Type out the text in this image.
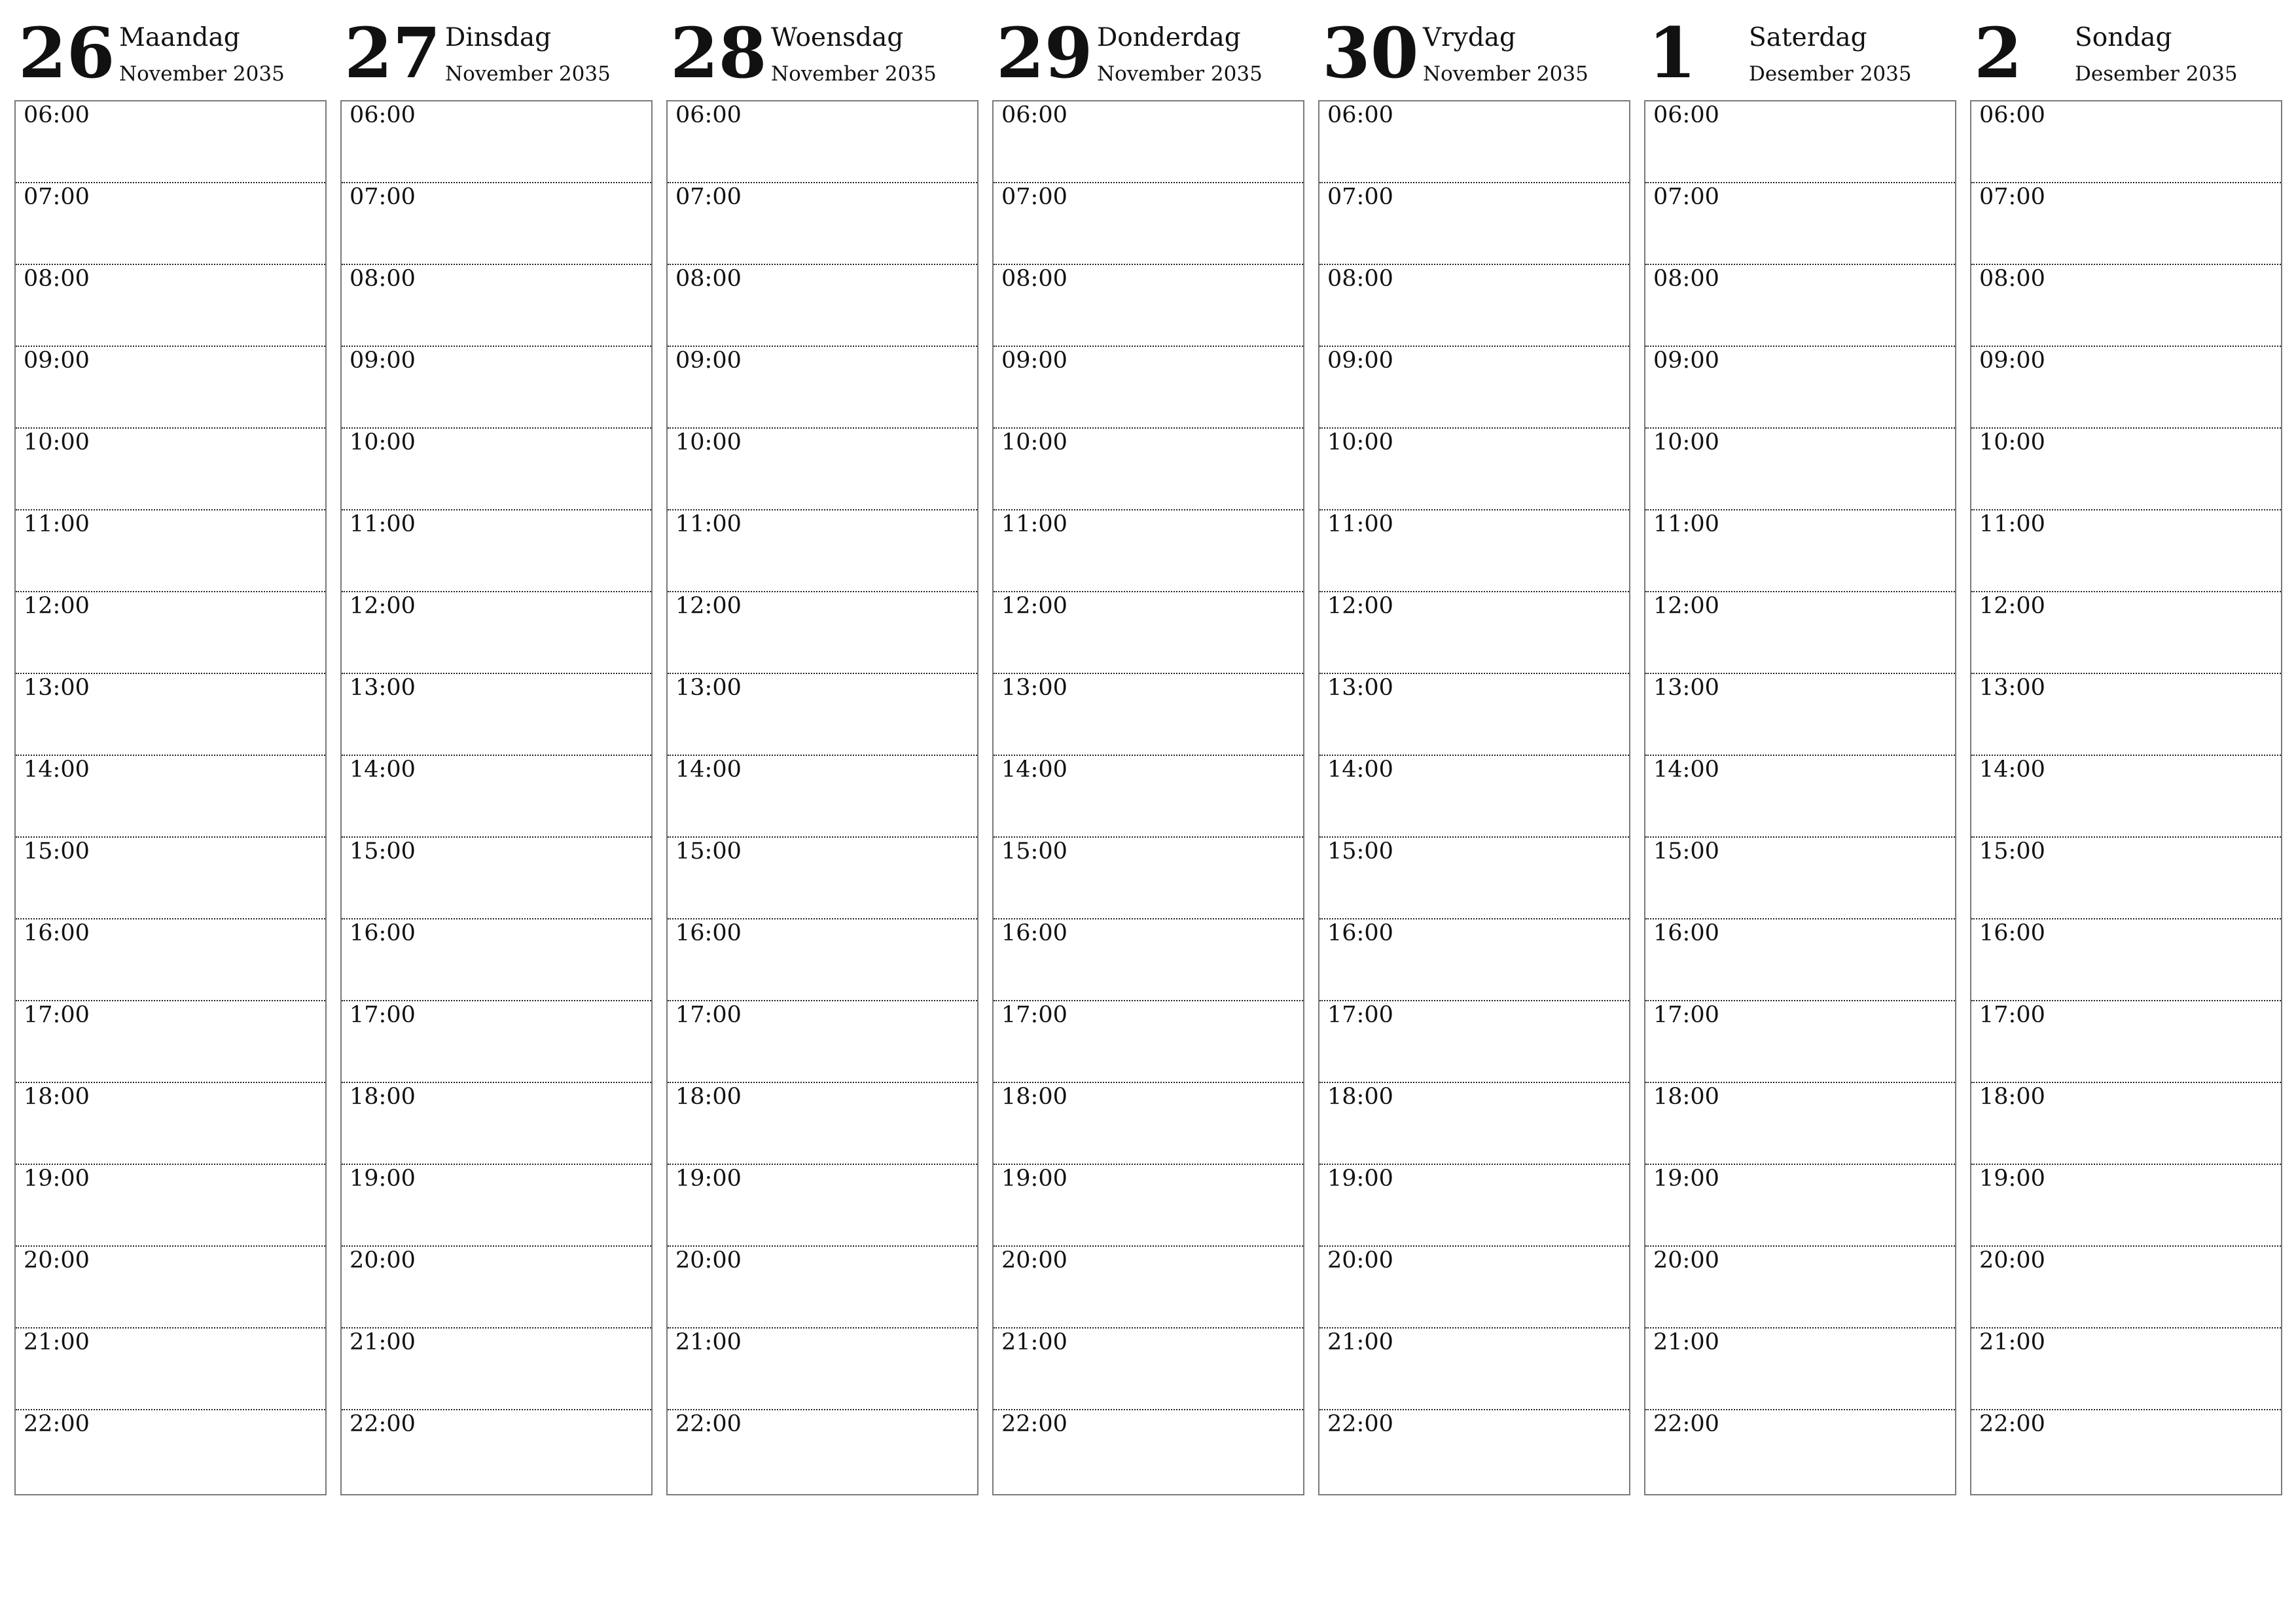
26 Maandag
November 2035
06:00
07:00
08:00
09:00
10:00
11:00
12:00
13:00
14:00
15:00
16:00
17:00
18:00
19:00
20:00
21:00
22:00
27 Dinsdag
November 2035
06:00
07:00
08:00
09:00
10:00
11:00
12:00
13:00
14:00
15:00
16:00
17:00
18:00
19:00
20:00
21:00
22:00
28 Woensdag
November 2035
06:00
07:00
08:00
09:00
10:00
11:00
12:00
13:00
14:00
15:00
16:00
17:00
18:00
19:00
20:00
21:00
22:00
29 Donderdag
November 2035
06:00
07:00
08:00
09:00
10:00
11:00
12:00
13:00
14:00
15:00
16:00
17:00
18:00
19:00
20:00
21:00
22:00
30 Vrydag
November 2035
06:00
07:00
08:00
09:00
10:00
11:00
12:00
13:00
14:00
15:00
16:00
17:00
18:00
19:00
20:00
21:00
22:00
1 Saterdag
Desember 2035
06:00
07:00
08:00
09:00
10:00
11:00
12:00
13:00
14:00
15:00
16:00
17:00
18:00
19:00
20:00
21:00
22:00
2 Sondag
Desember 2035
06:00
07:00
08:00
09:00
10:00
11:00
12:00
13:00
14:00
15:00
16:00
17:00
18:00
19:00
20:00
21:00
22:00
